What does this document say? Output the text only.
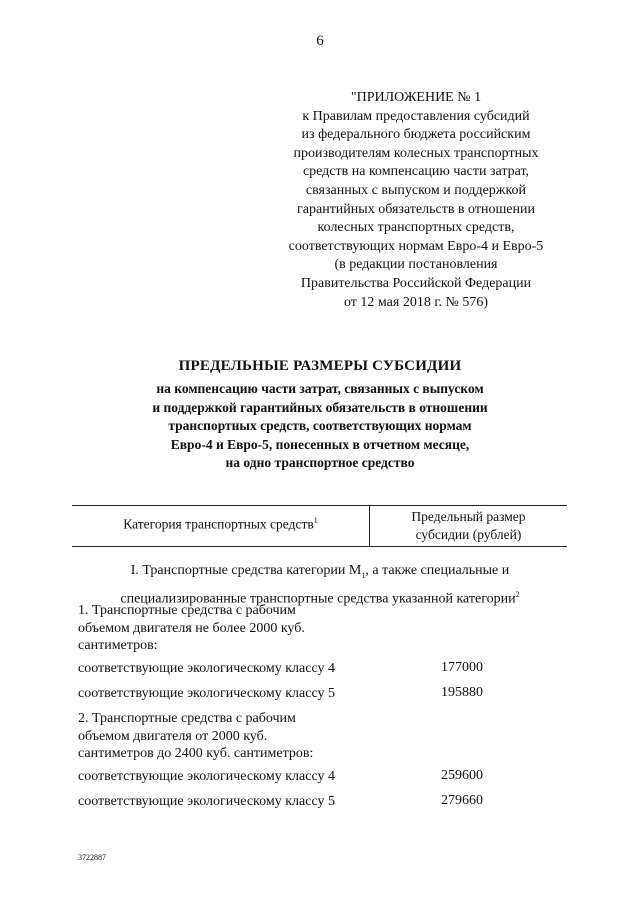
6
"ПРИЛОЖЕНИЕ № 1
к Правилам предоставления субсидий
из федерального бюджета российским
производителям колесных транспортных
средств на компенсацию части затрат,
связанных с выпуском и поддержкой
гарантийных обязательств в отношении
колесных транспортных средств,
соответствующих нормам Евро-4 и Евро-5
(в редакции постановления
Правительства Российской Федерации
от 12 мая 2018 г. № 576)
ПРЕДЕЛЬНЫЕ РАЗМЕРЫ СУБСИДИИ
на компенсацию части затрат, связанных с выпуском
и поддержкой гарантийных обязательств в отношении
транспортных средств, соответствующих нормам
Евро-4 и Евро-5, понесенных в отчетном месяце,
на одно транспортное средство
Категория транспортных средств$^1$	Предельный размер
субсидии (рублей)
I. Транспортные средства категории $M_1$, а также специальные и
специализированные транспортные средства указанной категории$^2$
1. Транспортные средства с рабочим
объемом двигателя не более 2000 куб.
сантиметров:
соответствующие экологическому классу 4	177000
соответствующие экологическому классу 5	195880
2. Транспортные средства с рабочим
объемом двигателя от 2000 куб.
сантиметров до 2400 куб. сантиметров:
соответствующие экологическому классу 4	259600
соответствующие экологическому классу 5	279660
3722887
